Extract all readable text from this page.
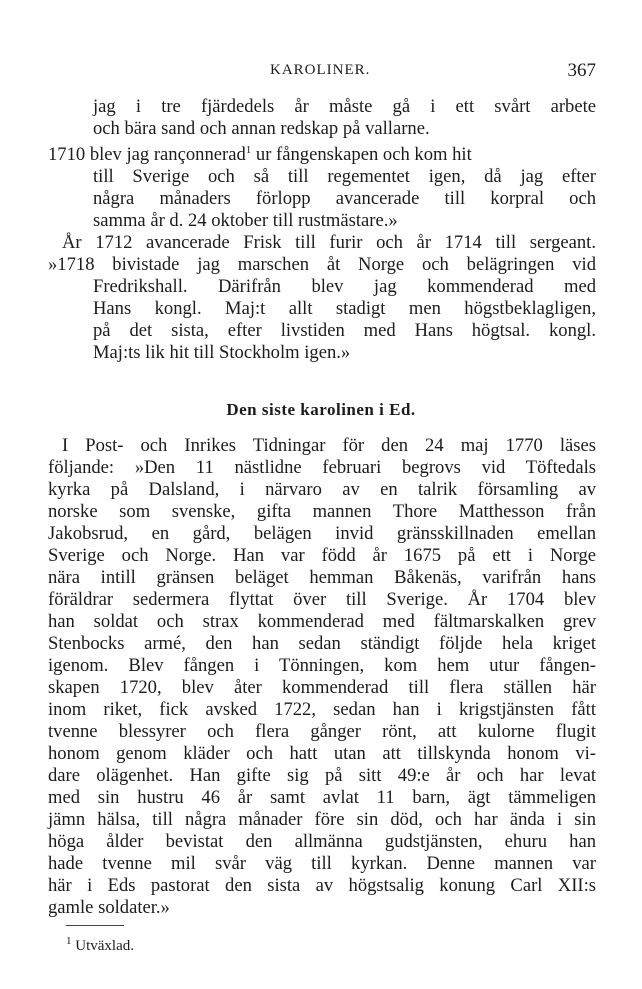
KAROLINER.	367
jag i tre fjärdedels år måste gå i ett svårt arbete
och bära sand och annan redskap på vallarne.
1710 blev jag rançonnerad$^1$ ur fångenskapen och kom hit
till Sverige och så till regementet igen, då jag efter
några månaders förlopp avancerade till korpral och
samma år d. 24 oktober till rustmästare.»
År 1712 avancerade Frisk till furir och år 1714 till sergeant.
»1718 bivistade jag marschen åt Norge och belägringen vid
Fredrikshall. Därifrån blev jag kommenderad med
Hans kongl. Maj:t allt stadigt men högstbeklagligen,
på det sista, efter livstiden med Hans högtsal. kongl.
Maj:ts lik hit till Stockholm igen.»
Den siste karolinen i Ed.
I Post- och Inrikes Tidningar för den 24 maj 1770 läses
följande: »Den 11 nästlidne februari begrovs vid Töftedals
kyrka på Dalsland, i närvaro av en talrik församling av
norske som svenske, gifta mannen Thore Matthesson från
Jakobsrud, en gård, belägen invid gränsskillnaden emellan
Sverige och Norge. Han var född år 1675 på ett i Norge
nära intill gränsen beläget hemman Båkenäs, varifrån hans
föräldrar sedermera flyttat över till Sverige. År 1704 blev
han soldat och strax kommenderad med fältmarskalken grev
Stenbocks armé, den han sedan ständigt följde hela kriget
igenom. Blev fången i Tönningen, kom hem utur fången-
skapen 1720, blev åter kommenderad till flera ställen här
inom riket, fick avsked 1722, sedan han i krigstjänsten fått
tvenne blessyrer och flera gånger rönt, att kulorne flugit
honom genom kläder och hatt utan att tillskynda honom vi-
dare olägenhet. Han gifte sig på sitt 49:e år och har levat
med sin hustru 46 år samt avlat 11 barn, ägt tämmeligen
jämn hälsa, till några månader före sin död, och har ända i sin
höga ålder bevistat den allmänna gudstjänsten, ehuru han
hade tvenne mil svår väg till kyrkan. Denne mannen var
här i Eds pastorat den sista av högstsalig konung Carl XII:s
gamle soldater.»
$^1$ Utväxlad.
